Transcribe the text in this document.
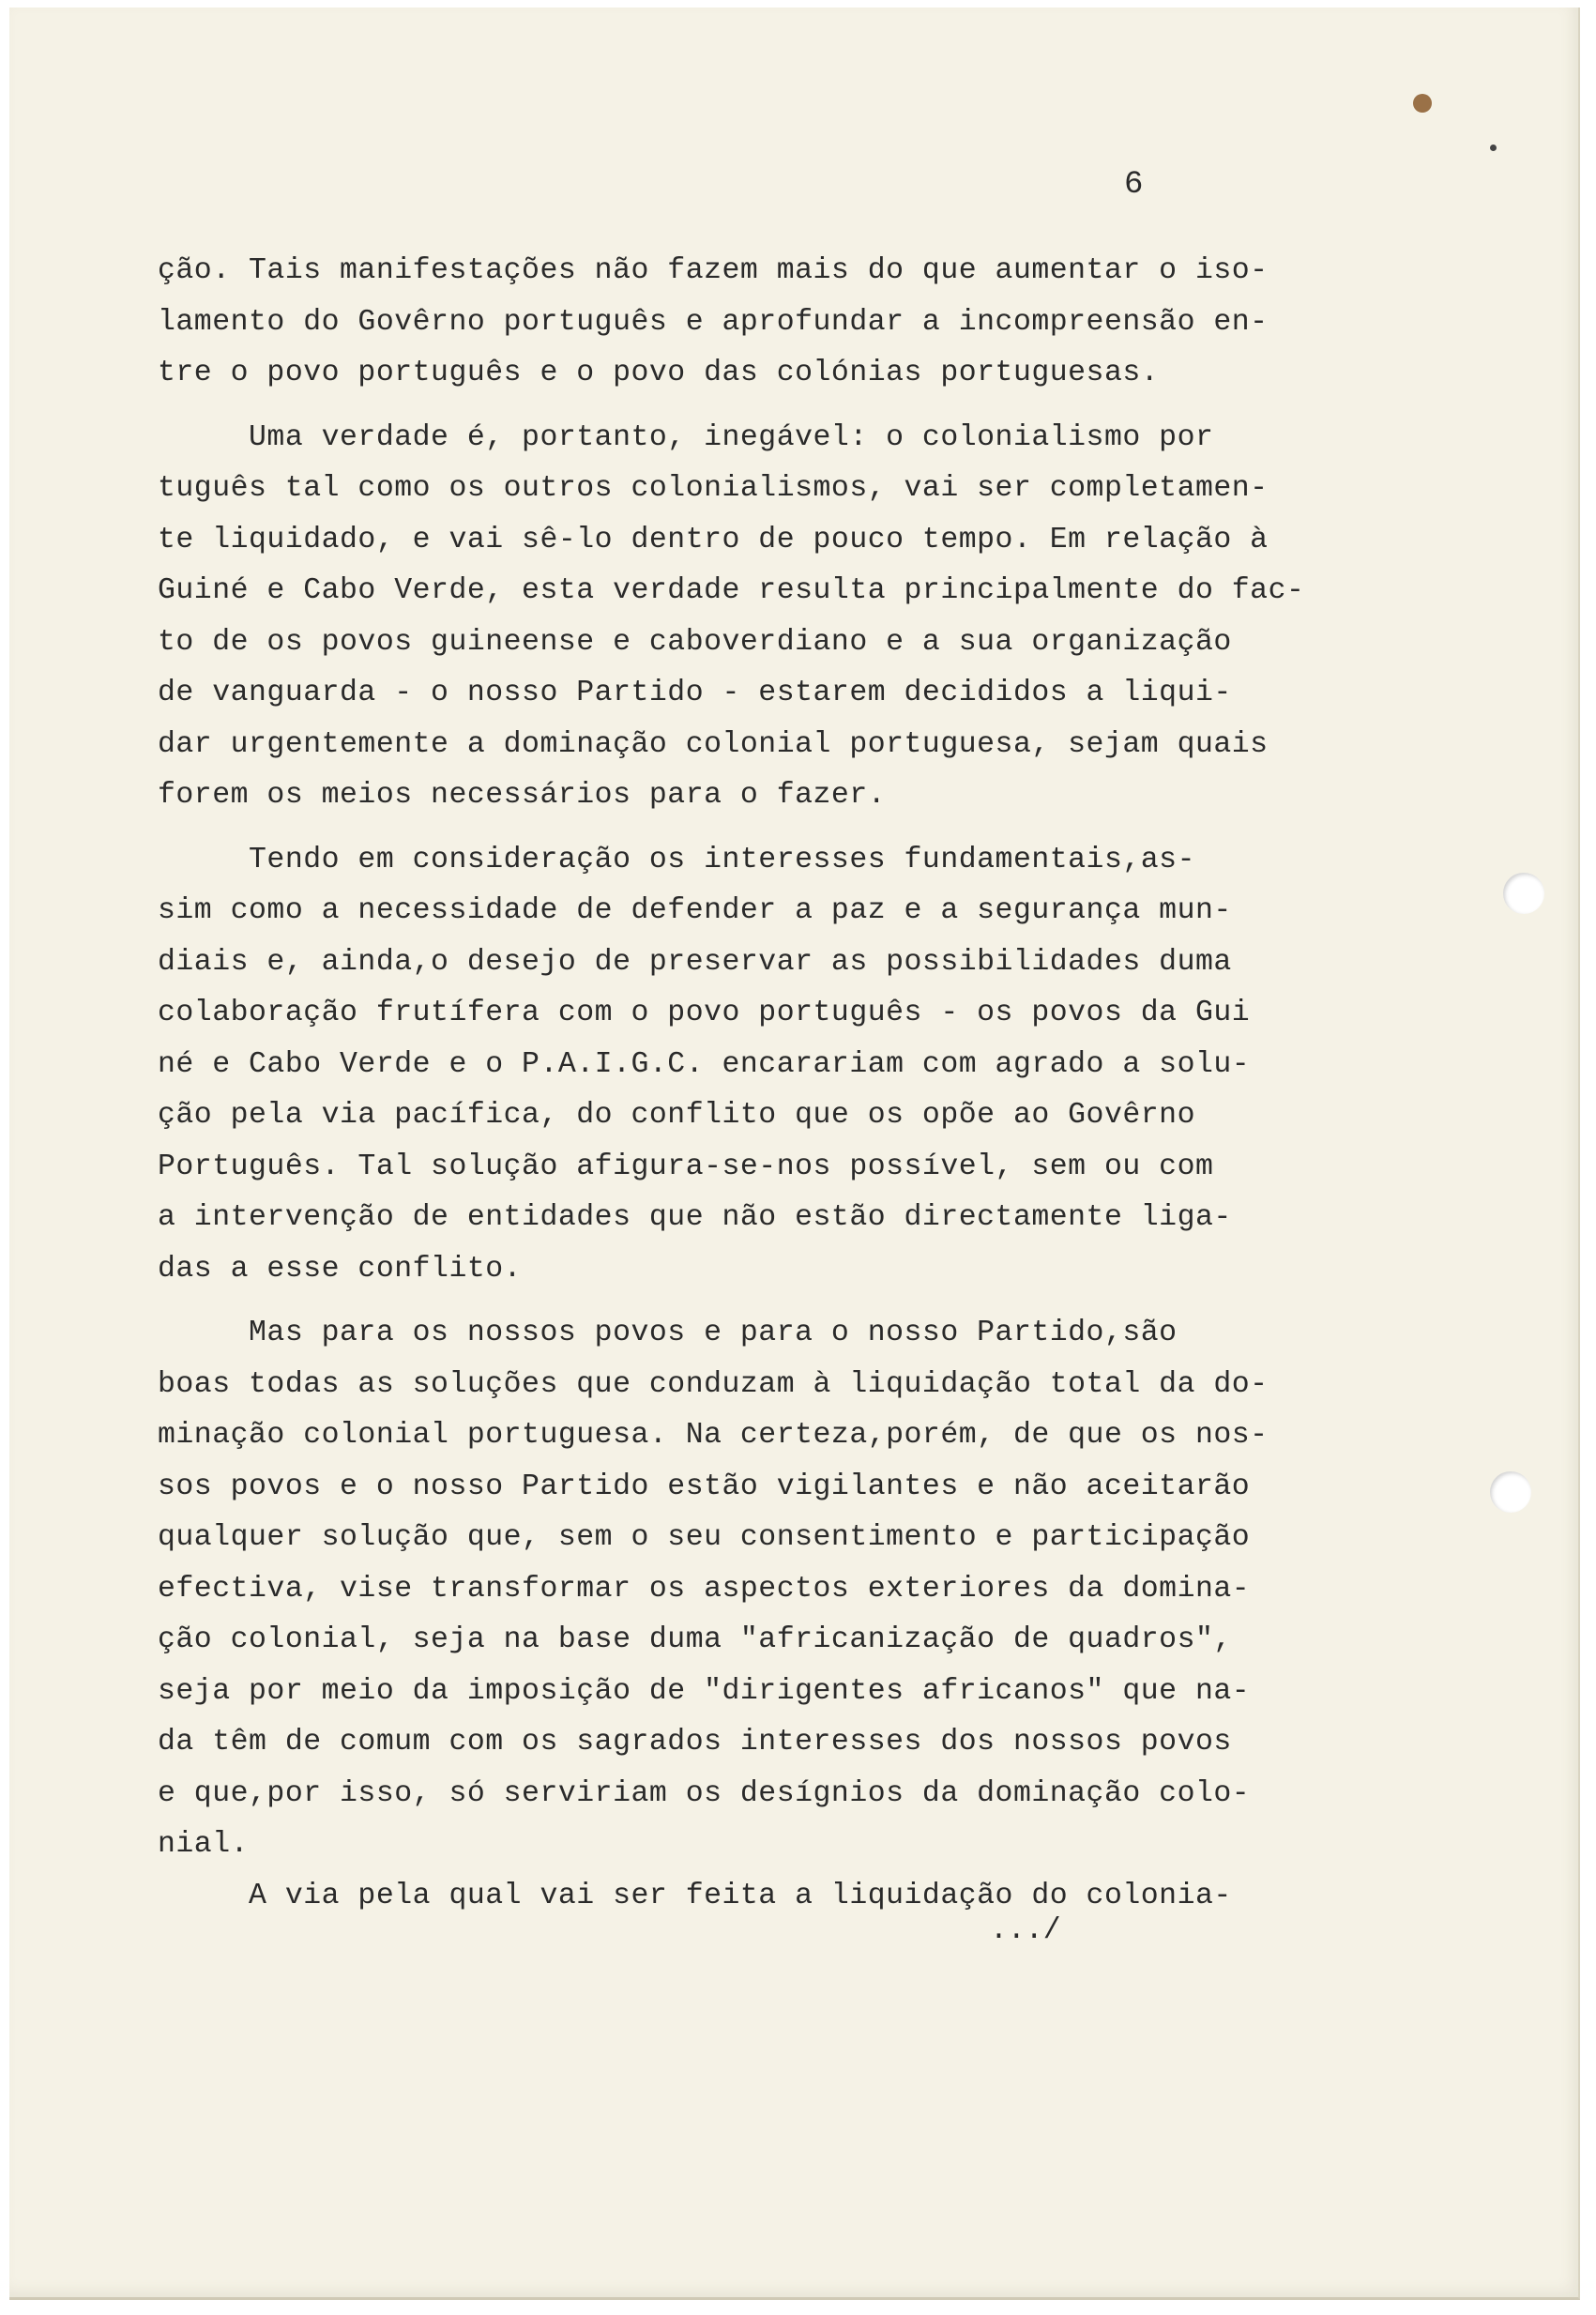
6
ção. Tais manifestações não fazem mais do que aumentar o iso-
lamento do Govêrno português e aprofundar a incompreensão en-
tre o povo português e o povo das colónias portuguesas.
Uma verdade é, portanto, inegável: o colonialismo por
tuguês tal como os outros colonialismos, vai ser completamen-
te liquidado, e vai sê-lo dentro de pouco tempo. Em relação à
Guiné e Cabo Verde, esta verdade resulta principalmente do fac-
to de os povos guineense e caboverdiano e a sua organização
de vanguarda - o nosso Partido - estarem decididos a liqui-
dar urgentemente a dominação colonial portuguesa, sejam quais
forem os meios necessários para o fazer.
Tendo em consideração os interesses fundamentais,as-
sim como a necessidade de defender a paz e a segurança mun-
diais e, ainda,o desejo de preservar as possibilidades duma
colaboração frutífera com o povo português - os povos da Gui
né e Cabo Verde e o P.A.I.G.C. encarariam com agrado a solu-
ção pela via pacífica, do conflito que os opõe ao Govêrno
Português. Tal solução afigura-se-nos possível, sem ou com
a intervenção de entidades que não estão directamente liga-
das a esse conflito.
Mas para os nossos povos e para o nosso Partido,são
boas todas as soluções que conduzam à liquidação total da do-
minação colonial portuguesa. Na certeza,porém, de que os nos-
sos povos e o nosso Partido estão vigilantes e não aceitarão
qualquer solução que, sem o seu consentimento e participação
efectiva, vise transformar os aspectos exteriores da domina-
ção colonial, seja na base duma "africanização de quadros",
seja por meio da imposição de "dirigentes africanos" que na-
da têm de comum com os sagrados interesses dos nossos povos
e que,por isso, só serviriam os desígnios da dominação colo-
nial.
A via pela qual vai ser feita a liquidação do colonia-
.../
